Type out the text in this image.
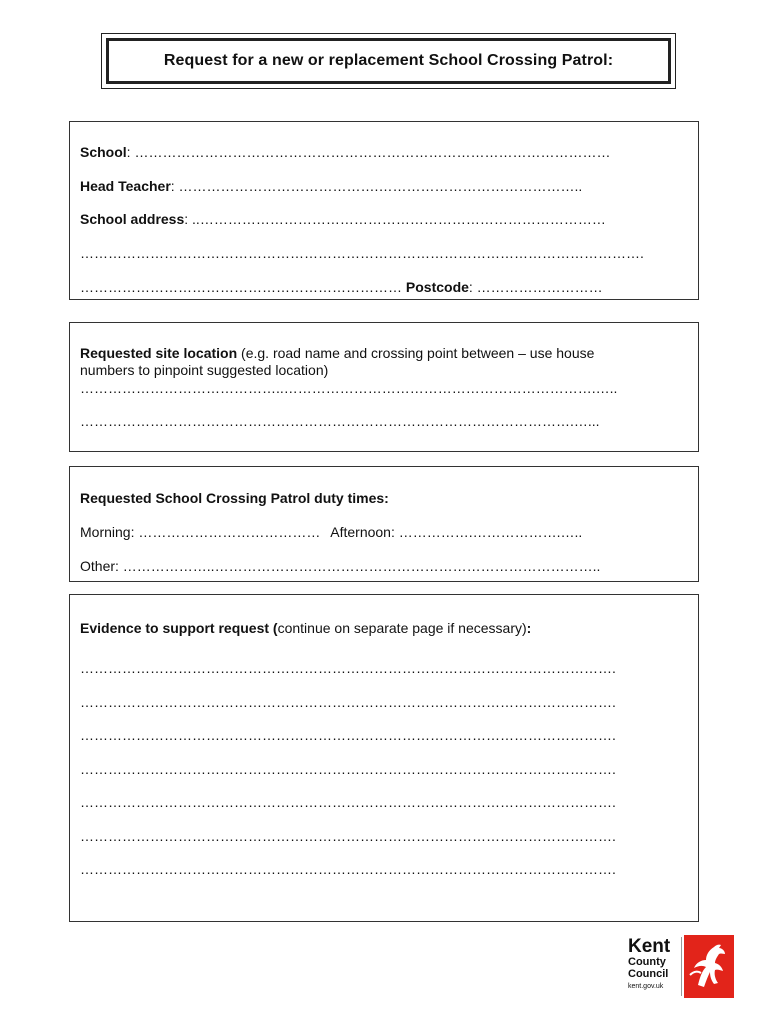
Request for a new or replacement School Crossing Patrol:
School: …………………………………………………………………………………………
Head Teacher: …………………………………….……………………………………..
School address: ..……………………………………………………………………………
………………………………………………………………………………………………………….
…………………………………………………………… Postcode: ………………………
Requested site location (e.g. road name and crossing point between – use house
numbers to pinpoint suggested location)
……………………………………..………………………………………………………….…..
…………………………………………………………………………………………….…...
Requested School Crossing Patrol duty times:
Morning: ………………………………… Afternoon: …………….……………….…..
Other: ………………..………………………………………………………………………..
Evidence to support request (continue on separate page if necessary):
…………………………………………………………………………………………………….
…………………………………………………………………………………………………….
…………………………………………………………………………………………………….
…………………………………………………………………………………………………….
…………………………………………………………………………………………………….
…………………………………………………………………………………………………….
…………………………………………………………………………………………………….
Kent
County
Council
kent.gov.uk
